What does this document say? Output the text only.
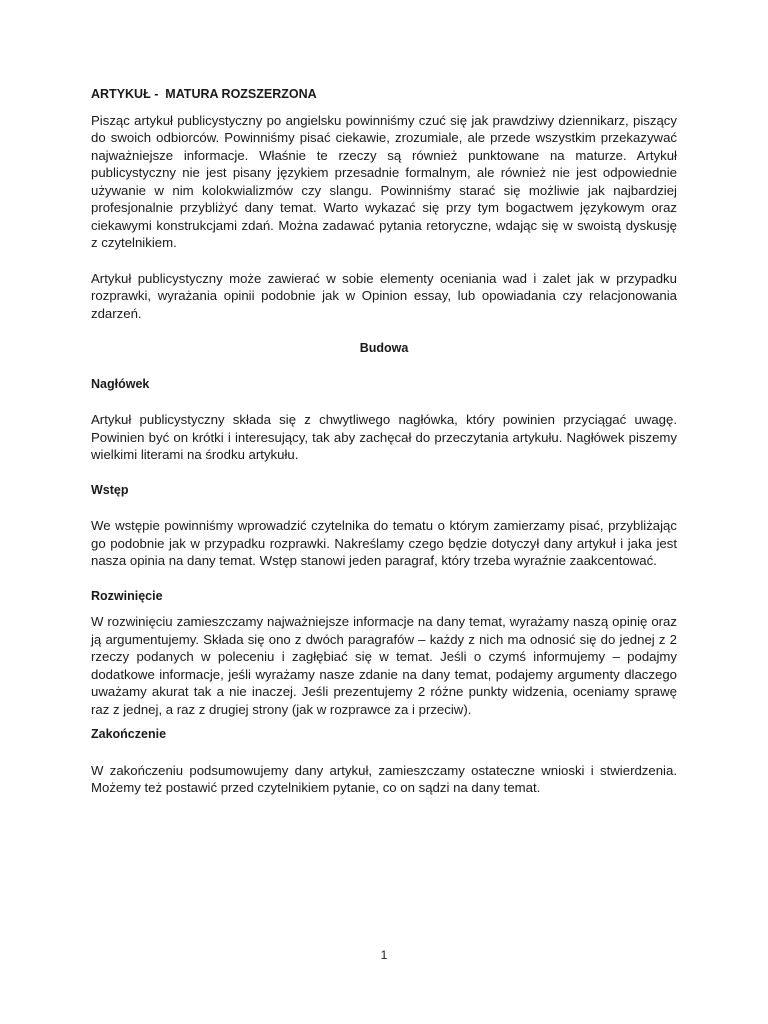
ARTYKUŁ -  MATURA ROZSZERZONA

Pisząc artykuł publicystyczny po angielsku powinniśmy czuć się jak prawdziwy dziennikarz, piszący do swoich odbiorców. Powinniśmy pisać ciekawie, zrozumiale, ale przede wszystkim przekazywać najważniejsze informacje. Właśnie te rzeczy są również punktowane na maturze. Artykuł publicystyczny nie jest pisany językiem przesadnie formalnym, ale również nie jest odpowiednie używanie w nim kolokwializmów czy slangu. Powinniśmy starać się możliwie jak najbardziej profesjonalnie przybliżyć dany temat. Warto wykazać się przy tym bogactwem językowym oraz ciekawymi konstrukcjami zdań. Można zadawać pytania retoryczne, wdając się w swoistą dyskusję z czytelnikiem.

Artykuł publicystyczny może zawierać w sobie elementy oceniania wad i zalet jak w przypadku rozprawki, wyrażania opinii podobnie jak w Opinion essay, lub opowiadania czy relacjonowania zdarzeń.

Budowa

Nagłówek

Artykuł publicystyczny składa się z chwytliwego nagłówka, który powinien przyciągać uwagę. Powinien być on krótki i interesujący, tak aby zachęcał do przeczytania artykułu. Nagłówek piszemy wielkimi literami na środku artykułu.

Wstęp

We wstępie powinniśmy wprowadzić czytelnika do tematu o którym zamierzamy pisać, przybliżając go podobnie jak w przypadku rozprawki. Nakreślamy czego będzie dotyczył dany artykuł i jaka jest nasza opinia na dany temat. Wstęp stanowi jeden paragraf, który trzeba wyraźnie zaakcentować.

Rozwinięcie

W rozwinięciu zamieszczamy najważniejsze informacje na dany temat, wyrażamy naszą opinię oraz ją argumentujemy. Składa się ono z dwóch paragrafów – każdy z nich ma odnosić się do jednej z 2 rzeczy podanych w poleceniu i zagłębiać się w temat. Jeśli o czymś informujemy – podajmy dodatkowe informacje, jeśli wyrażamy nasze zdanie na dany temat, podajemy argumenty dlaczego uważamy akurat tak a nie inaczej. Jeśli prezentujemy 2 różne punkty widzenia, oceniamy sprawę raz z jednej, a raz z drugiej strony (jak w rozprawce za i przeciw).

Zakończenie

W zakończeniu podsumowujemy dany artykuł, zamieszczamy ostateczne wnioski i stwierdzenia. Możemy też postawić przed czytelnikiem pytanie, co on sądzi na dany temat.

1
